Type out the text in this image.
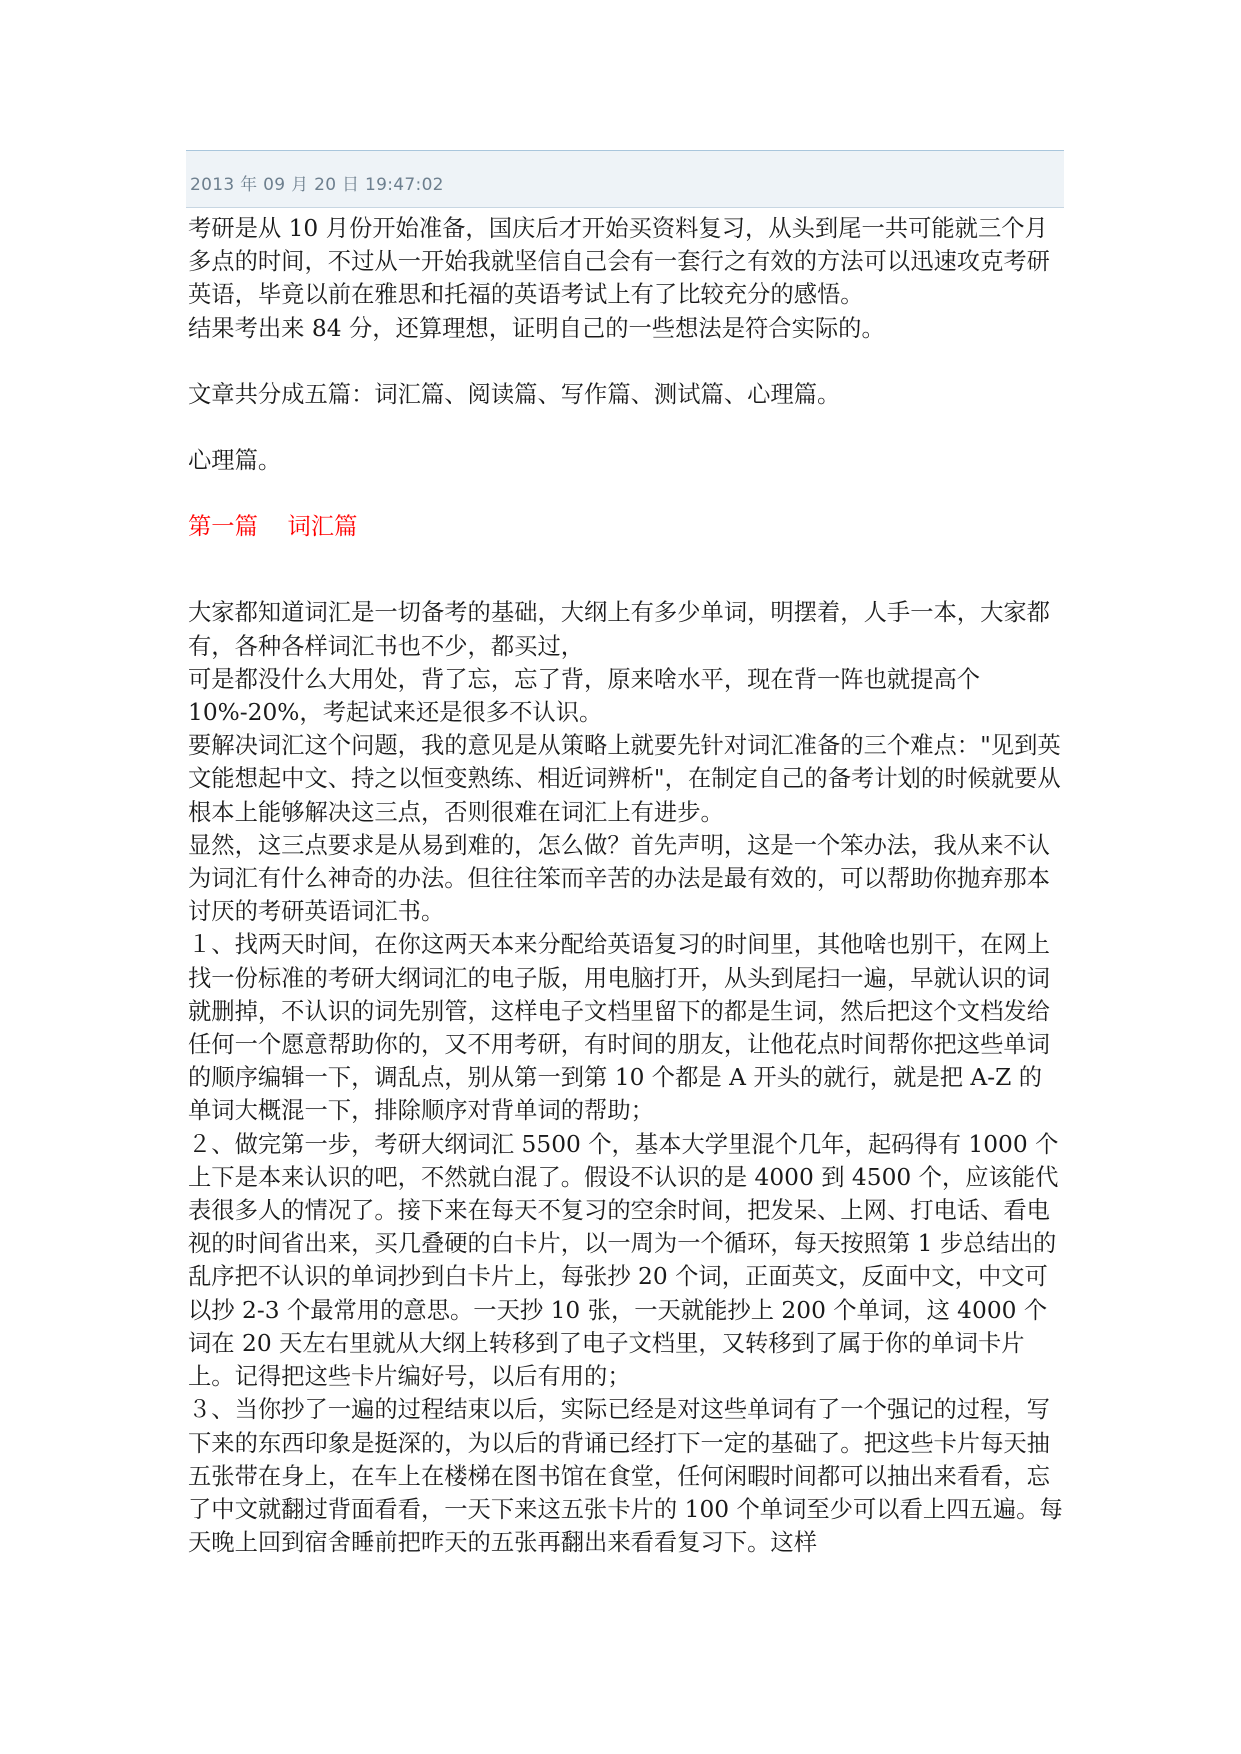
2013 年 09 月 20 日 19:47:02

考研是从 10 月份开始准备，国庆后才开始买资料复习，从头到尾一共可能就三个月多点的时间，不过从一开始我就坚信自己会有一套行之有效的方法可以迅速攻克考研英语，毕竟以前在雅思和托福的英语考试上有了比较充分的感悟。

结果考出来 84 分，还算理想，证明自己的一些想法是符合实际的。

文章共分成五篇：词汇篇、阅读篇、写作篇、测试篇、心理篇。

心理篇。

第一篇    词汇篇

大家都知道词汇是一切备考的基础，大纲上有多少单词，明摆着，人手一本，大家都有，各种各样词汇书也不少，都买过，

可是都没什么大用处，背了忘，忘了背，原来啥水平，现在背一阵也就提高个 10%-20%，考起试来还是很多不认识。

要解决词汇这个问题，我的意见是从策略上就要先针对词汇准备的三个难点："见到英文能想起中文、持之以恒变熟练、相近词辨析"，在制定自己的备考计划的时候就要从根本上能够解决这三点，否则很难在词汇上有进步。

显然，这三点要求是从易到难的，怎么做？首先声明，这是一个笨办法，我从来不认为词汇有什么神奇的办法。但往往笨而辛苦的办法是最有效的，可以帮助你抛弃那本讨厌的考研英语词汇书。

１、找两天时间，在你这两天本来分配给英语复习的时间里，其他啥也别干，在网上找一份标准的考研大纲词汇的电子版，用电脑打开，从头到尾扫一遍，早就认识的词就删掉，不认识的词先别管，这样电子文档里留下的都是生词，然后把这个文档发给任何一个愿意帮助你的，又不用考研，有时间的朋友，让他花点时间帮你把这些单词的顺序编辑一下，调乱点，别从第一到第 10 个都是 A 开头的就行，就是把 A-Z 的单词大概混一下，排除顺序对背单词的帮助；

２、做完第一步，考研大纲词汇 5500 个，基本大学里混个几年，起码得有 1000 个上下是本来认识的吧，不然就白混了。假设不认识的是 4000 到 4500 个，应该能代表很多人的情况了。接下来在每天不复习的空余时间，把发呆、上网、打电话、看电视的时间省出来，买几叠硬的白卡片，以一周为一个循环，每天按照第 1 步总结出的乱序把不认识的单词抄到白卡片上，每张抄 20 个词，正面英文，反面中文，中文可以抄 2-3 个最常用的意思。一天抄 10 张，一天就能抄上 200 个单词，这 4000 个词在 20 天左右里就从大纲上转移到了电子文档里，又转移到了属于你的单词卡片上。记得把这些卡片编好号，以后有用的；

３、当你抄了一遍的过程结束以后，实际已经是对这些单词有了一个强记的过程，写下来的东西印象是挺深的，为以后的背诵已经打下一定的基础了。把这些卡片每天抽五张带在身上，在车上在楼梯在图书馆在食堂，任何闲暇时间都可以抽出来看看，忘了中文就翻过背面看看，一天下来这五张卡片的 100 个单词至少可以看上四五遍。每天晚上回到宿舍睡前把昨天的五张再翻出来看看复习下。这样
